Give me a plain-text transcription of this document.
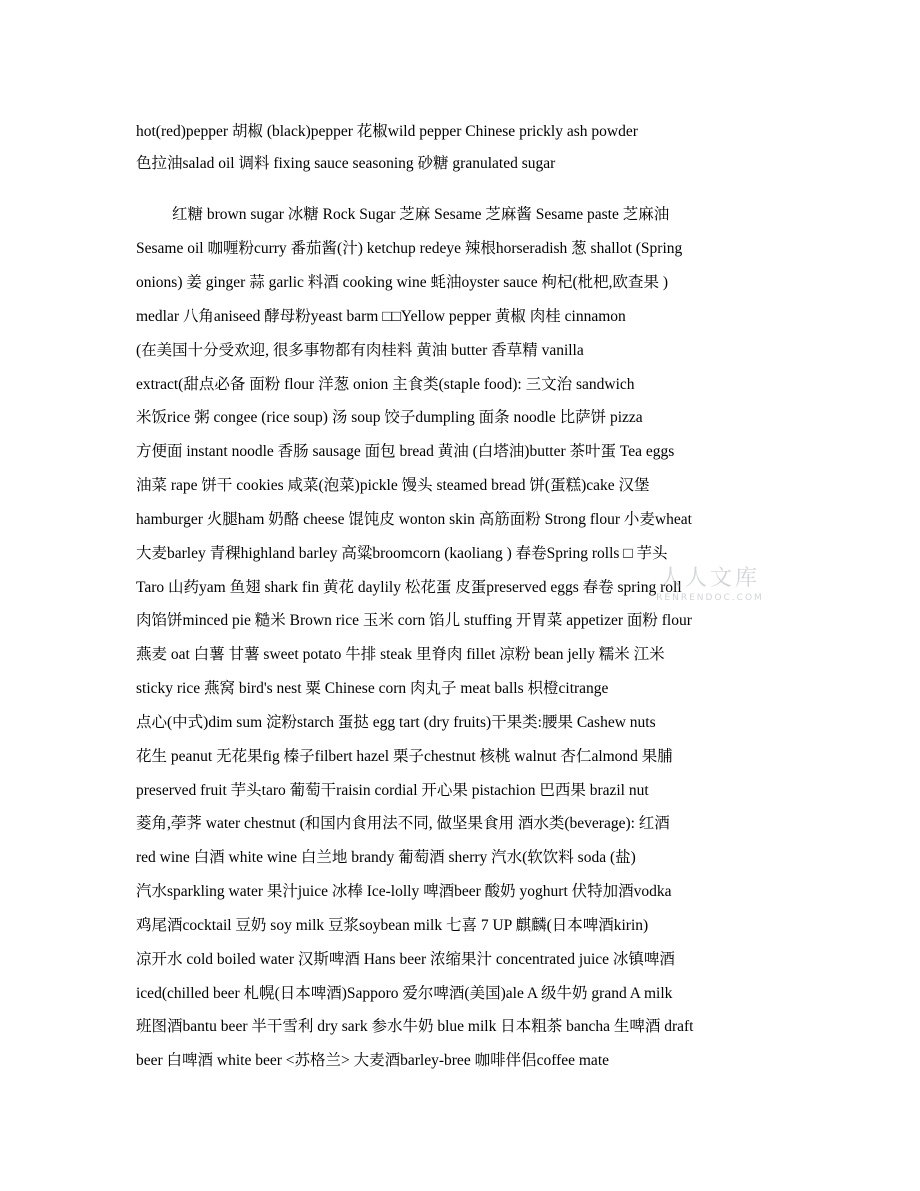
hot(red)pepper 胡椒 (black)pepper 花椒wild pepper Chinese prickly ash powder
色拉油salad oil 调料 fixing sauce seasoning 砂糖 granulated sugar
红糖 brown sugar 冰糖 Rock Sugar 芝麻 Sesame 芝麻酱 Sesame paste 芝麻油
Sesame oil 咖喱粉curry 番茄酱(汁) ketchup redeye 辣根horseradish 葱 shallot (Spring
onions) 姜 ginger 蒜 garlic 料酒 cooking wine 蚝油oyster sauce 枸杞(枇杷,欧查果 )
medlar 八角aniseed 酵母粉yeast barm □□Yellow pepper 黄椒 肉桂 cinnamon
(在美国十分受欢迎, 很多事物都有肉桂料 黄油 butter 香草精 vanilla
extract(甜点必备 面粉 flour 洋葱 onion 主食类(staple food): 三文治 sandwich
米饭rice 粥 congee (rice soup) 汤 soup 饺子dumpling 面条 noodle 比萨饼 pizza
方便面 instant noodle 香肠 sausage 面包 bread 黄油 (白塔油)butter 茶叶蛋 Tea eggs
油菜 rape 饼干 cookies 咸菜(泡菜)pickle 馒头 steamed bread 饼(蛋糕)cake 汉堡
hamburger 火腿ham 奶酪 cheese 馄饨皮 wonton skin 高筋面粉 Strong flour 小麦wheat
大麦barley 青稞highland barley 高粱broomcorn (kaoliang ) 春卷Spring rolls □ 芋头
Taro 山药yam 鱼翅 shark fin 黄花 daylily 松花蛋 皮蛋preserved eggs 春卷 spring roll
肉馅饼minced pie 糙米 Brown rice 玉米 corn 馅儿 stuffing 开胃菜 appetizer 面粉 flour
燕麦 oat 白薯 甘薯 sweet potato 牛排 steak 里脊肉 fillet 凉粉 bean jelly 糯米 江米
sticky rice 燕窝 bird's nest 粟 Chinese corn 肉丸子 meat balls 枳橙citrange
点心(中式)dim sum 淀粉starch 蛋挞 egg tart (dry fruits)干果类:腰果 Cashew nuts
花生 peanut 无花果fig 榛子filbert hazel 栗子chestnut 核桃 walnut 杏仁almond 果脯
preserved fruit 芋头taro 葡萄干raisin cordial 开心果 pistachion 巴西果 brazil nut
菱角,荸荠 water chestnut (和国内食用法不同, 做坚果食用 酒水类(beverage): 红酒
red wine 白酒 white wine 白兰地 brandy 葡萄酒 sherry 汽水(软饮料 soda (盐)
汽水sparkling water 果汁juice 冰棒 Ice-lolly 啤酒beer 酸奶 yoghurt 伏特加酒vodka
鸡尾酒cocktail 豆奶 soy milk 豆浆soybean milk 七喜 7 UP 麒麟(日本啤酒kirin)
凉开水 cold boiled water 汉斯啤酒 Hans beer 浓缩果汁 concentrated juice 冰镇啤酒
iced(chilled beer 札幌(日本啤酒)Sapporo 爱尔啤酒(美国)ale A 级牛奶 grand A milk
班图酒bantu beer 半干雪利 dry sark 参水牛奶 blue milk 日本粗茶 bancha 生啤酒 draft
beer 白啤酒 white beer <苏格兰> 大麦酒barley-bree 咖啡伴侣coffee mate
人人文库
RENRENDOC.COM
